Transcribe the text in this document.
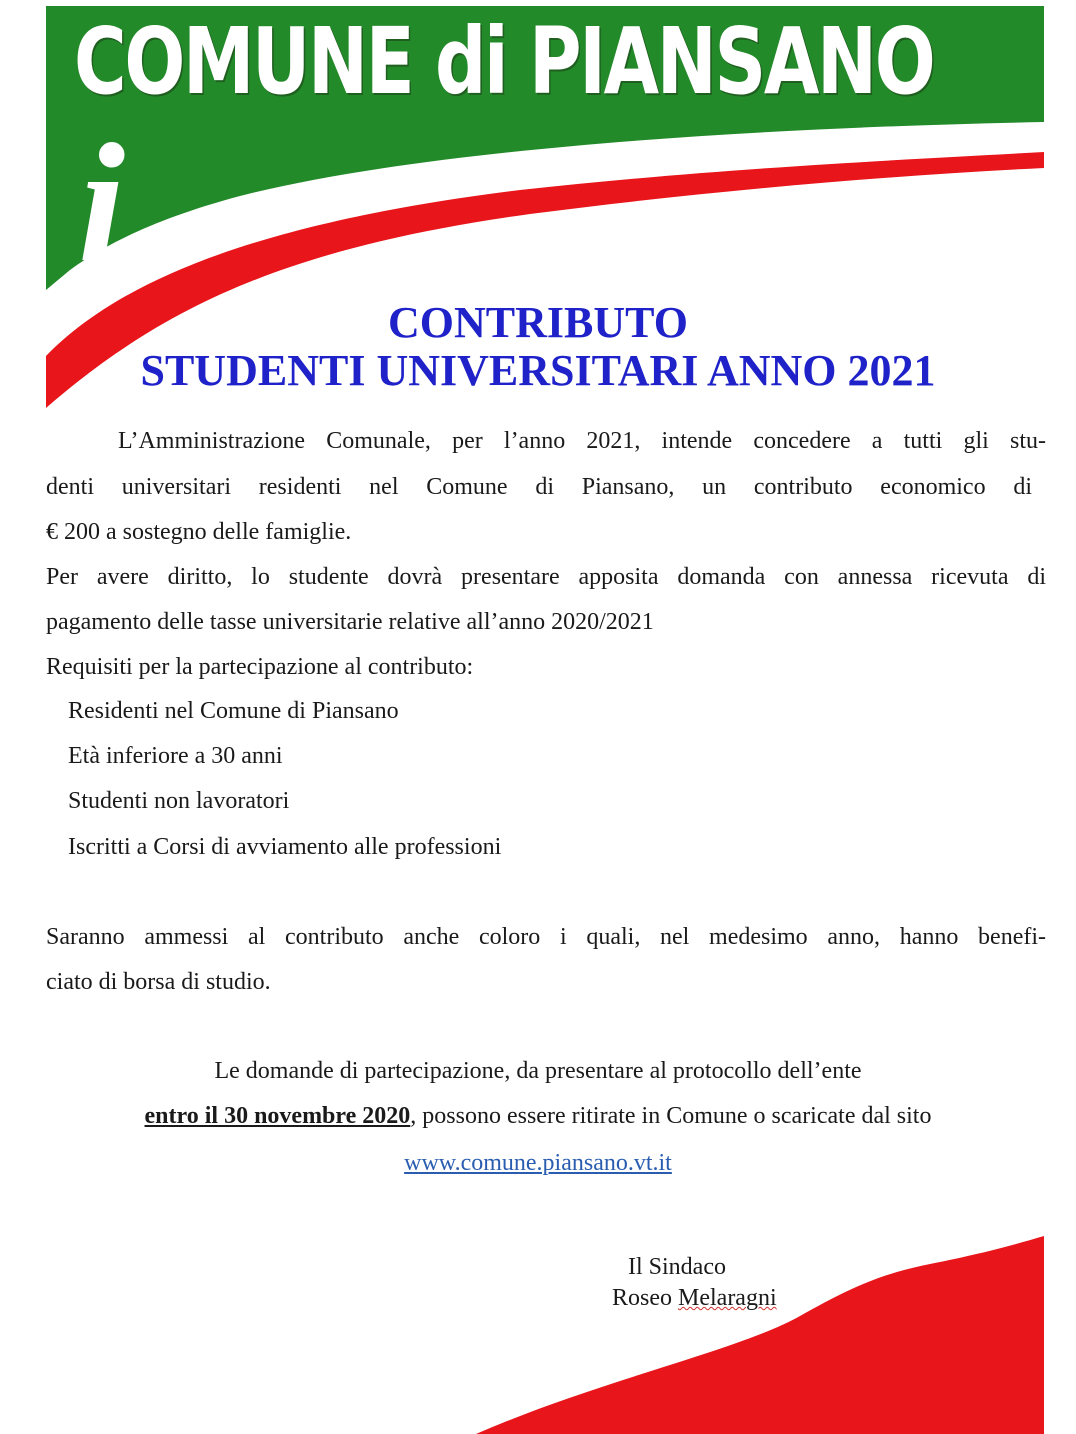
COMUNE di PIANSANO
i
CONTRIBUTO
STUDENTI UNIVERSITARI ANNO 2021
L’Amministrazione Comunale, per l’anno 2021, intende concedere a tutti gli stu-
denti universitari residenti nel Comune di Piansano, un contributo economico di
€ 200 a sostegno delle famiglie.
Per avere diritto, lo studente dovrà presentare apposita domanda con annessa ricevuta di
pagamento delle tasse universitarie relative all’anno 2020/2021
Requisiti per la partecipazione al contributo:
Residenti nel Comune di Piansano
Età inferiore a 30 anni
Studenti non lavoratori
Iscritti a Corsi di avviamento alle professioni
Saranno ammessi al contributo anche coloro i quali, nel medesimo anno, hanno benefi-
ciato di borsa di studio.
Le domande di partecipazione, da presentare al protocollo dell’ente
entro il 30 novembre 2020, possono essere ritirate in Comune o scaricate dal sito
www.comune.piansano.vt.it
Il Sindaco
Roseo Melaragni
